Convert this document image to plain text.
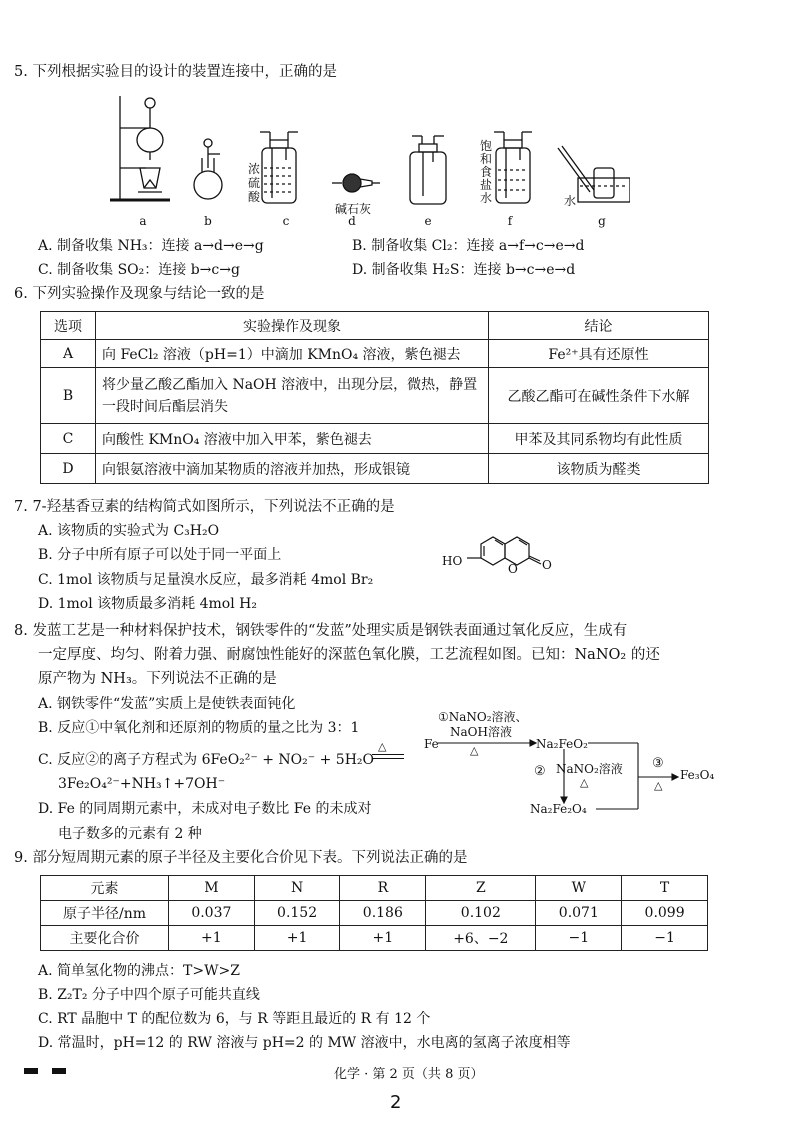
5. 下列根据实验目的设计的装置连接中，正确的是
a	b	c	d	e	f	g
浓
硫
酸
碱石灰
饱
和
食
盐
水	水
A. 制备收集 NH₃：连接 a→d→e→g	B. 制备收集 Cl₂：连接 a→f→c→e→d
C. 制备收集 SO₂：连接 b→c→g	D. 制备收集 H₂S：连接 b→c→e→d
6. 下列实验操作及现象与结论一致的是
选项	实验操作及现象	结论
A	向 FeCl₂ 溶液（pH=1）中滴加 KMnO₄ 溶液，紫色褪去	Fe²⁺具有还原性
B	将少量乙酸乙酯加入 NaOH 溶液中，出现分层，微热，静置一段时间后酯层消失	乙酸乙酯可在碱性条件下水解
C	向酸性 KMnO₄ 溶液中加入甲苯，紫色褪去	甲苯及其同系物均有此性质
D	向银氨溶液中滴加某物质的溶液并加热，形成银镜	该物质为醛类
7. 7-羟基香豆素的结构简式如图所示，下列说法不正确的是
A. 该物质的实验式为 C₃H₂O
B. 分子中所有原子可以处于同一平面上
C. 1mol 该物质与足量溴水反应，最多消耗 4mol Br₂
D. 1mol 该物质最多消耗 4mol H₂
HO
O O
8. 发蓝工艺是一种材料保护技术，钢铁零件的“发蓝”处理实质是钢铁表面通过氧化反应，生成有
一定厚度、均匀、附着力强、耐腐蚀性能好的深蓝色氧化膜，工艺流程如图。已知：NaNO₂ 的还
原产物为 NH₃。下列说法不正确的是
A. 钢铁零件“发蓝”实质上是使铁表面钝化
B. 反应①中氧化剂和还原剂的物质的量之比为 3：1
C. 反应②的离子方程式为 6FeO₂²⁻ + NO₂⁻ + 5H₂O
△
3Fe₂O₄²⁻+NH₃↑+7OH⁻
D. Fe 的同周期元素中，未成对电子数比 Fe 的未成对
电子数多的元素有 2 种
Fe
①NaNO₂溶液、
NaOH溶液
△	Na₂FeO₂
② NaNO₂溶液
△
Na₂Fe₂O₄
③
△
Fe₃O₄
9. 部分短周期元素的原子半径及主要化合价见下表。下列说法正确的是
元素	M	N	R	Z	W	T
原子半径/nm	0.037	0.152	0.186	0.102	0.071	0.099
主要化合价	+1	+1	+1	+6、−2	−1	−1
A. 简单氢化物的沸点：T>W>Z
B. Z₂T₂ 分子中四个原子可能共直线
C. RT 晶胞中 T 的配位数为 6，与 R 等距且最近的 R 有 12 个
D. 常温时，pH=12 的 RW 溶液与 pH=2 的 MW 溶液中，水电离的氢离子浓度相等
化学 · 第 2 页（共 8 页）
2
